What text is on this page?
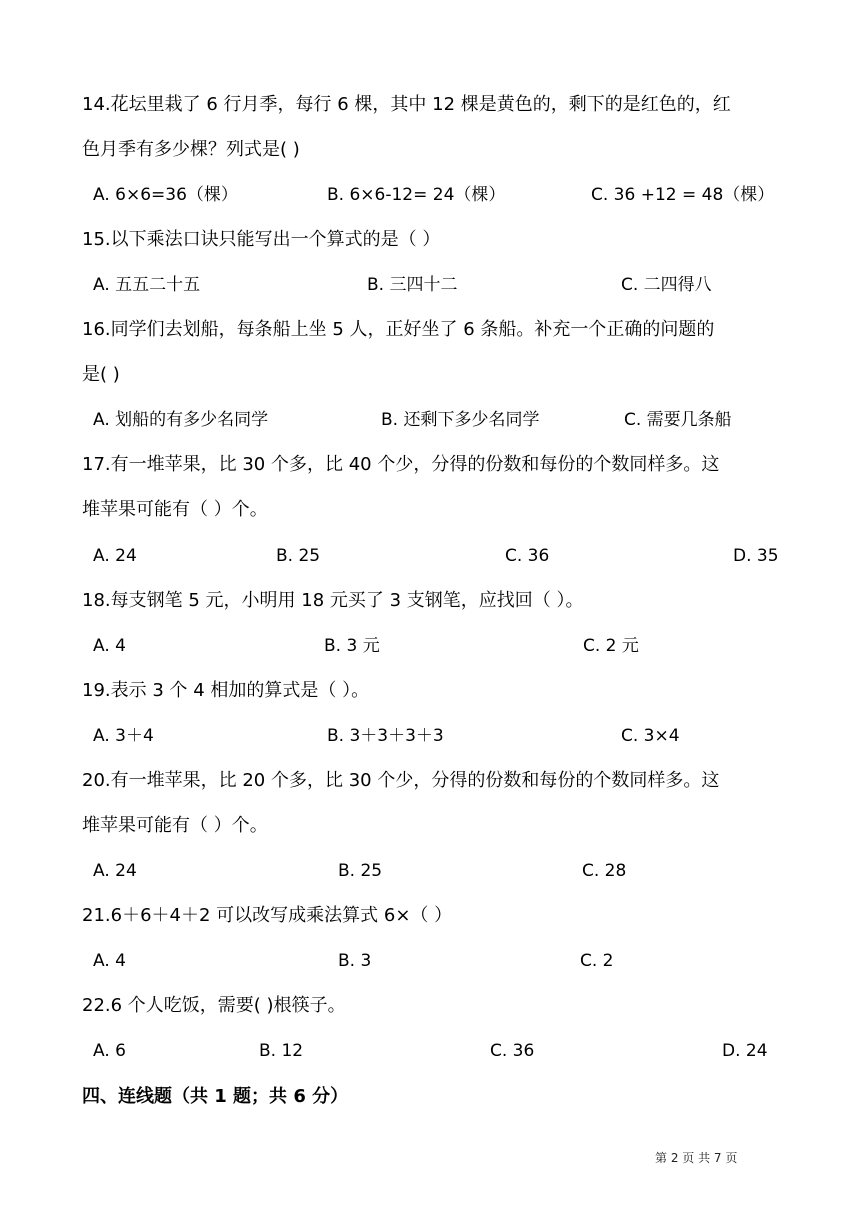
14.花坛里栽了 6 行月季，每行 6 棵，其中 12 棵是黄色的，剩下的是红色的，红
色月季有多少棵？列式是( )
A. 6×6=36（棵）	B. 6×6-12= 24（棵）	C. 36 +12 = 48（棵）
15.以下乘法口诀只能写出一个算式的是（ ）
A. 五五二十五	B. 三四十二	C. 二四得八
16.同学们去划船，每条船上坐 5 人，正好坐了 6 条船。补充一个正确的问题的
是( )
A. 划船的有多少名同学	B. 还剩下多少名同学	C. 需要几条船
17.有一堆苹果，比 30 个多，比 40 个少，分得的份数和每份的个数同样多。这
堆苹果可能有（ ）个。
A. 24	B. 25	C. 36	D. 35
18.每支钢笔 5 元，小明用 18 元买了 3 支钢笔，应找回（ ）。
A. 4	B. 3 元	C. 2 元
19.表示 3 个 4 相加的算式是（ ）。
A. 3＋4	B. 3＋3＋3＋3	C. 3×4
20.有一堆苹果，比 20 个多，比 30 个少，分得的份数和每份的个数同样多。这
堆苹果可能有（ ）个。
A. 24	B. 25	C. 28
21.6＋6＋4＋2 可以改写成乘法算式 6×（ ）
A. 4	B. 3	C. 2
22.6 个人吃饭，需要( )根筷子。
A. 6	B. 12	C. 36	D. 24
四、连线题（共 1 题；共 6 分）
第 2 页 共 7 页
